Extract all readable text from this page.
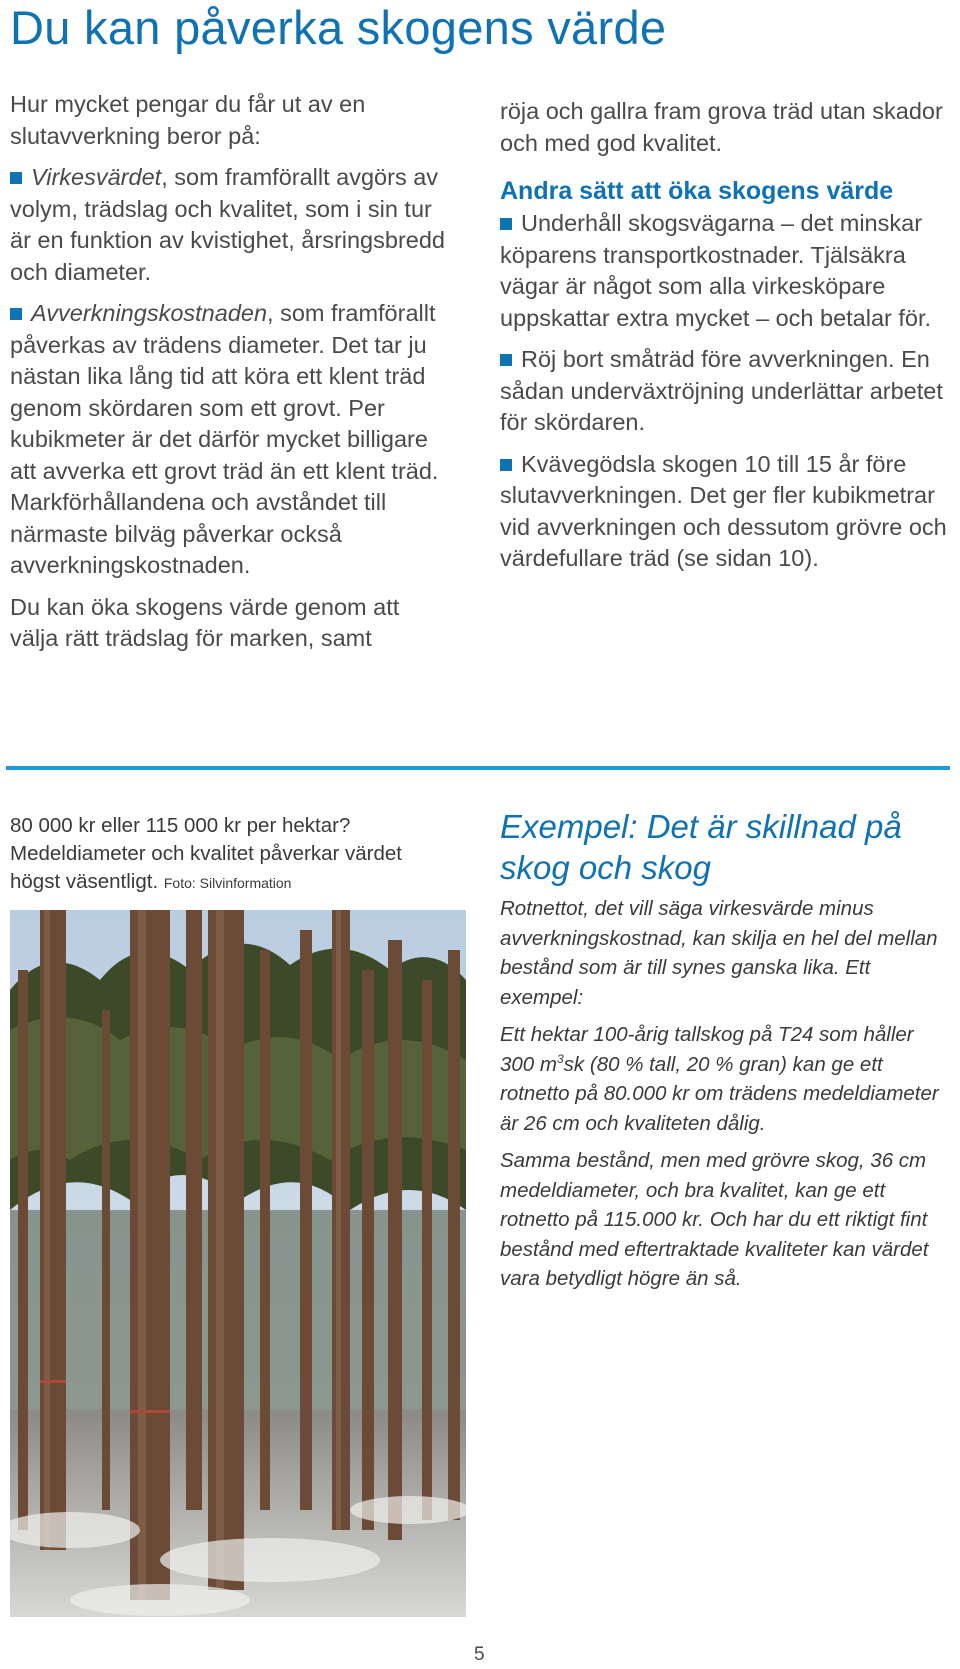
Du kan påverka skogens värde

Hur mycket pengar du får ut av en slutavverkning beror på:

Virkesvärdet, som framförallt avgörs av volym, trädslag och kvalitet, som i sin tur är en funktion av kvistighet, årsringsbredd och diameter.

Avverkningskostnaden, som framförallt påverkas av trädens diameter. Det tar ju nästan lika lång tid att köra ett klent träd genom skördaren som ett grovt. Per kubikmeter är det därför mycket billigare att avverka ett grovt träd än ett klent träd. Markförhållandena och avståndet till närmaste bilväg påverkar också avverkningskostnaden.

Du kan öka skogens värde genom att välja rätt trädslag för marken, samt

röja och gallra fram grova träd utan skador och med god kvalitet.

Andra sätt att öka skogens värde

Underhåll skogsvägarna – det minskar köparens transportkostnader. Tjälsäkra vägar är något som alla virkesköpare uppskattar extra mycket – och betalar för.

Röj bort småträd före avverkningen. En sådan underväxtröjning underlättar arbetet för skördaren.

Kvävegödsla skogen 10 till 15 år före slutavverkningen. Det ger fler kubikmetrar vid avverkningen och dessutom grövre och värdefullare träd (se sidan 10).

80 000 kr eller 115 000 kr per hektar? Medeldiameter och kvalitet påverkar värdet högst väsentligt. Foto: Silvinformation
Exempel: Det är skillnad på skog och skog

Rotnettot, det vill säga virkesvärde minus avverkningskostnad, kan skilja en hel del mellan bestånd som är till synes ganska lika. Ett exempel:

Ett hektar 100-årig tallskog på T24 som håller 300 $m^3sk$ (80 % tall, 20 % gran) kan ge ett rotnetto på 80.000 kr om trädens medeldiameter är 26 cm och kvaliteten dålig.

Samma bestånd, men med grövre skog, 36 cm medeldiameter, och bra kvalitet, kan ge ett rotnetto på 115.000 kr. Och har du ett riktigt fint bestånd med eftertraktade kvaliteter kan värdet vara betydligt högre än så.

5
